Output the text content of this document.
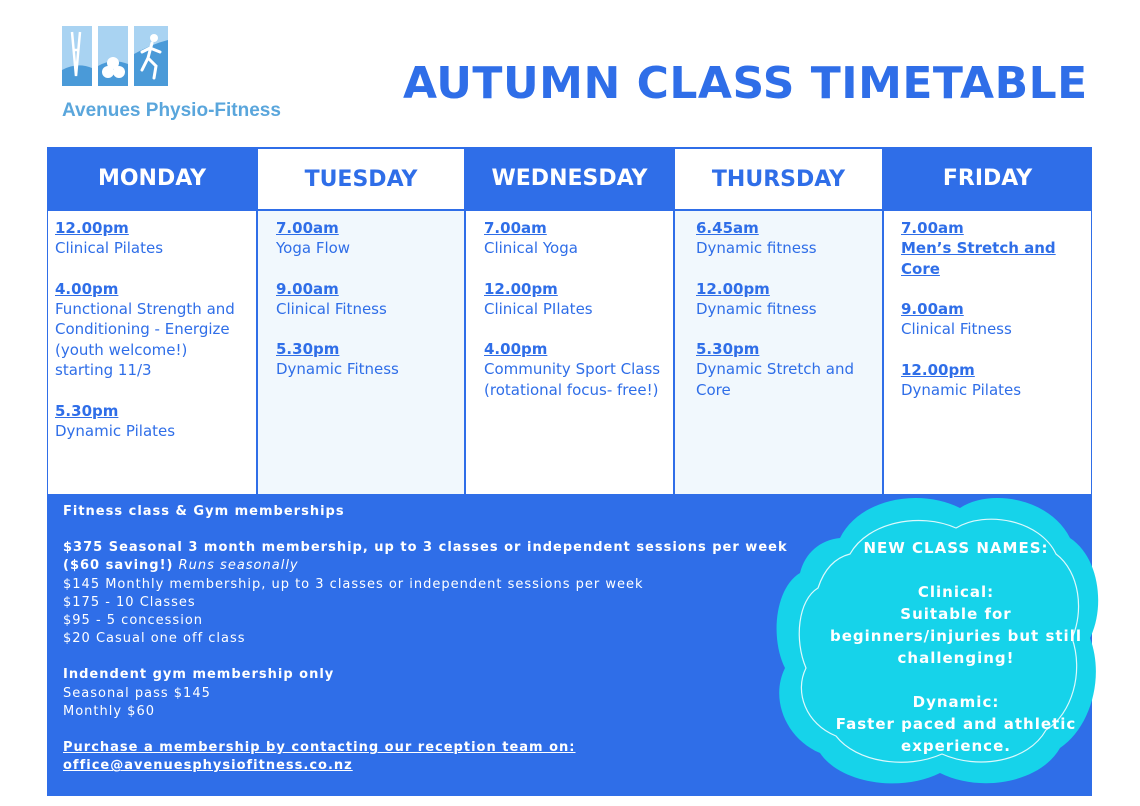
Avenues Physio-Fitness
AUTUMN CLASS TIMETABLE
MONDAY
12.00pm
Clinical Pilates
4.00pm
Functional Strength and Conditioning - Energize (youth welcome!) starting 11/3
5.30pm
Dynamic Pilates
TUESDAY
7.00am
Yoga Flow
9.00am
Clinical Fitness
5.30pm
Dynamic Fitness
WEDNESDAY
7.00am
Clinical Yoga
12.00pm
Clinical PIlates
4.00pm
Community Sport Class (rotational focus- free!)
THURSDAY
6.45am
Dynamic fitness
12.00pm
Dynamic fitness
5.30pm
Dynamic Stretch and Core
FRIDAY
7.00am
Men’s Stretch and Core
9.00am
Clinical Fitness
12.00pm
Dynamic Pilates
Fitness class & Gym memberships
$375 Seasonal 3 month membership, up to 3 classes or independent sessions per week ($60 saving!) Runs seasonally
$145 Monthly membership, up to 3 classes or independent sessions per week
$175 - 10 Classes
$95 - 5 concession
$20 Casual one off class
Indendent gym membership only
Seasonal pass $145
Monthly $60
Purchase a membership by contacting our reception team on:
office@avenuesphysiofitness.co.nz
NEW CLASS NAMES:
Clinical:
Suitable for beginners/injuries but still challenging!
Dynamic:
Faster paced and athletic experience.
